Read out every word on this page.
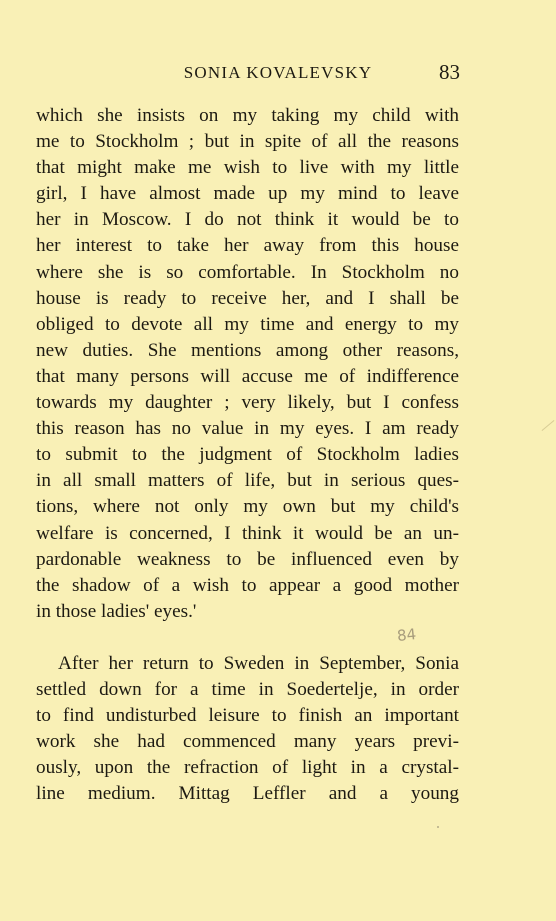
SONIA KOVALEVSKY	83
which she insists on my taking my child with
me to Stockholm ; but in spite of all the reasons
that might make me wish to live with my little
girl, I have almost made up my mind to leave
her in Moscow. I do not think it would be to
her interest to take her away from this house
where she is so comfortable. In Stockholm no
house is ready to receive her, and I shall be
obliged to devote all my time and energy to my
new duties. She mentions among other reasons,
that many persons will accuse me of indifference
towards my daughter ; very likely, but I confess
this reason has no value in my eyes. I am ready
to submit to the judgment of Stockholm ladies
in all small matters of life, but in serious ques-
tions, where not only my own but my child's
welfare is concerned, I think it would be an un-
pardonable weakness to be influenced even by
the shadow of a wish to appear a good mother
in those ladies' eyes.'
84
After her return to Sweden in September, Sonia
settled down for a time in Soedertelje, in order
to find undisturbed leisure to finish an important
work she had commenced many years previ-
ously, upon the refraction of light in a crystal-
line medium. Mittag Leffler and a young
